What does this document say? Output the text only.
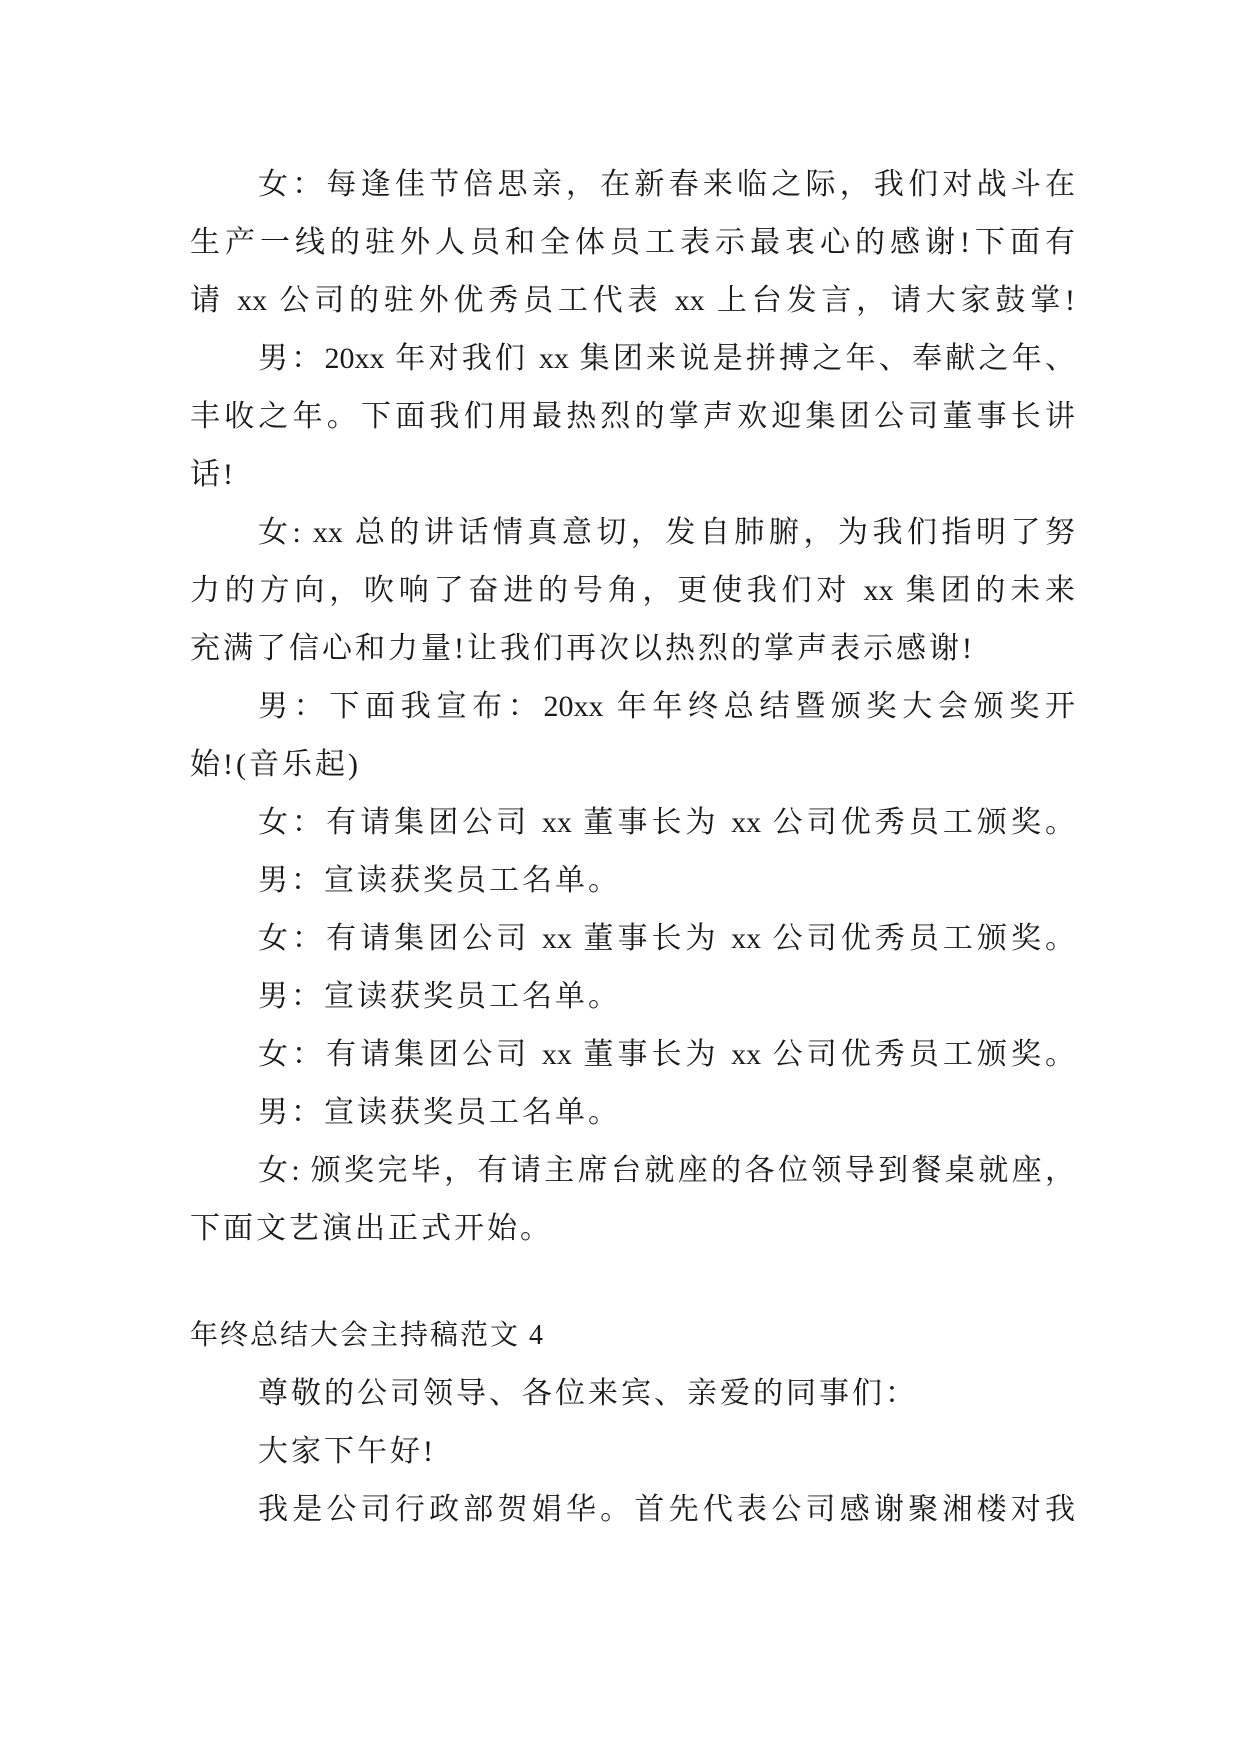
女：每逢佳节倍思亲，在新春来临之际，我们对战斗在
生产一线的驻外人员和全体员工表示最衷心的感谢!下面有
请 xx 公司的驻外优秀员工代表 xx 上台发言，请大家鼓掌!
男：20xx 年对我们 xx 集团来说是拼搏之年、奉献之年、
丰收之年。下面我们用最热烈的掌声欢迎集团公司董事长讲
话!
女: xx 总的讲话情真意切，发自肺腑，为我们指明了努
力的方向，吹响了奋进的号角，更使我们对 xx 集团的未来
充满了信心和力量!让我们再次以热烈的掌声表示感谢!
男：下面我宣布：20xx 年年终总结暨颁奖大会颁奖开
始!(音乐起)
女：有请集团公司 xx 董事长为 xx 公司优秀员工颁奖。
男：宣读获奖员工名单。
女：有请集团公司 xx 董事长为 xx 公司优秀员工颁奖。
男：宣读获奖员工名单。
女：有请集团公司 xx 董事长为 xx 公司优秀员工颁奖。
男：宣读获奖员工名单。
女: 颁奖完毕，有请主席台就座的各位领导到餐桌就座，
下面文艺演出正式开始。
年终总结大会主持稿范文 4
尊敬的公司领导、各位来宾、亲爱的同事们：
大家下午好!
我是公司行政部贺娟华。首先代表公司感谢聚湘楼对我
